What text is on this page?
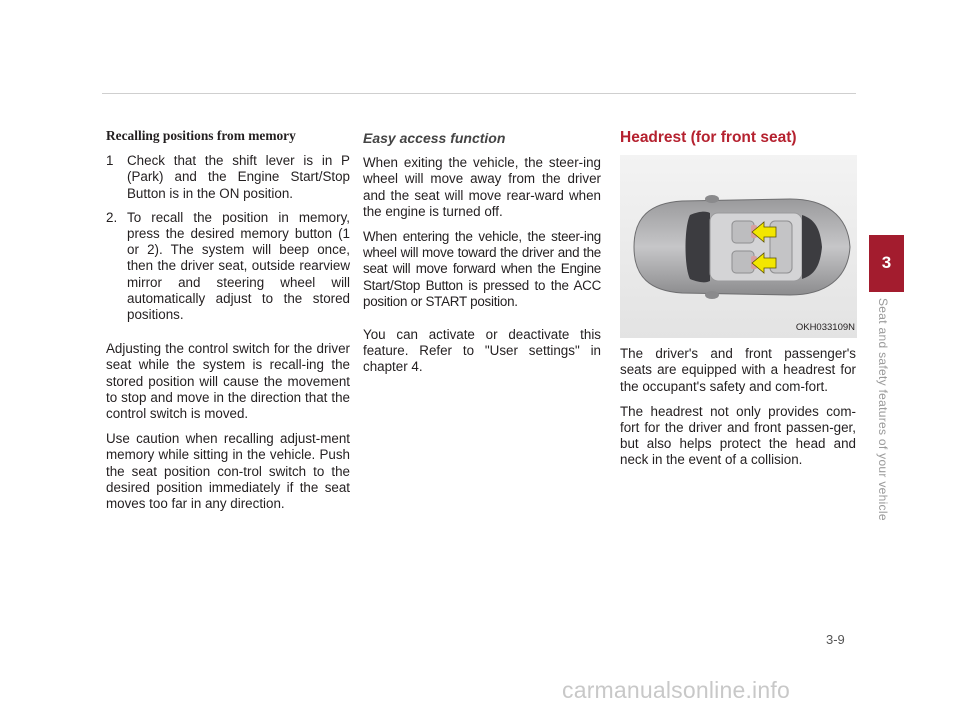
Recalling positions from memory

1 Check that the shift lever is in P (Park) and the Engine Start/Stop Button is in the ON position.
2. To recall the position in memory, press the desired memory button (1 or 2). The system will beep once, then the driver seat, outside rearview mirror and steering wheel will automatically adjust to the stored positions.

Adjusting the control switch for the driver seat while the system is recall-ing the stored position will cause the movement to stop and move in the direction that the control switch is moved.

Use caution when recalling adjust-ment memory while sitting in the vehicle. Push the seat position con-trol switch to the desired position immediately if the seat moves too far in any direction.

Easy access function

When exiting the vehicle, the steer-ing wheel will move away from the driver and the seat will move rear-ward when the engine is turned off.

When entering the vehicle, the steer-ing wheel will move toward the driver and the seat will move forward when the Engine Start/Stop Button is pressed to the ACC position or START position.

You can activate or deactivate this feature. Refer to "User settings" in chapter 4.

Headrest (for front seat)

OKH033109N

The driver's and front passenger's seats are equipped with a headrest for the occupant's safety and com-fort.

The headrest not only provides com-fort for the driver and front passen-ger, but also helps protect the head and neck in the event of a collision.

3
Seat and safety features of your vehicle
3-9
carmanualsonline.info
